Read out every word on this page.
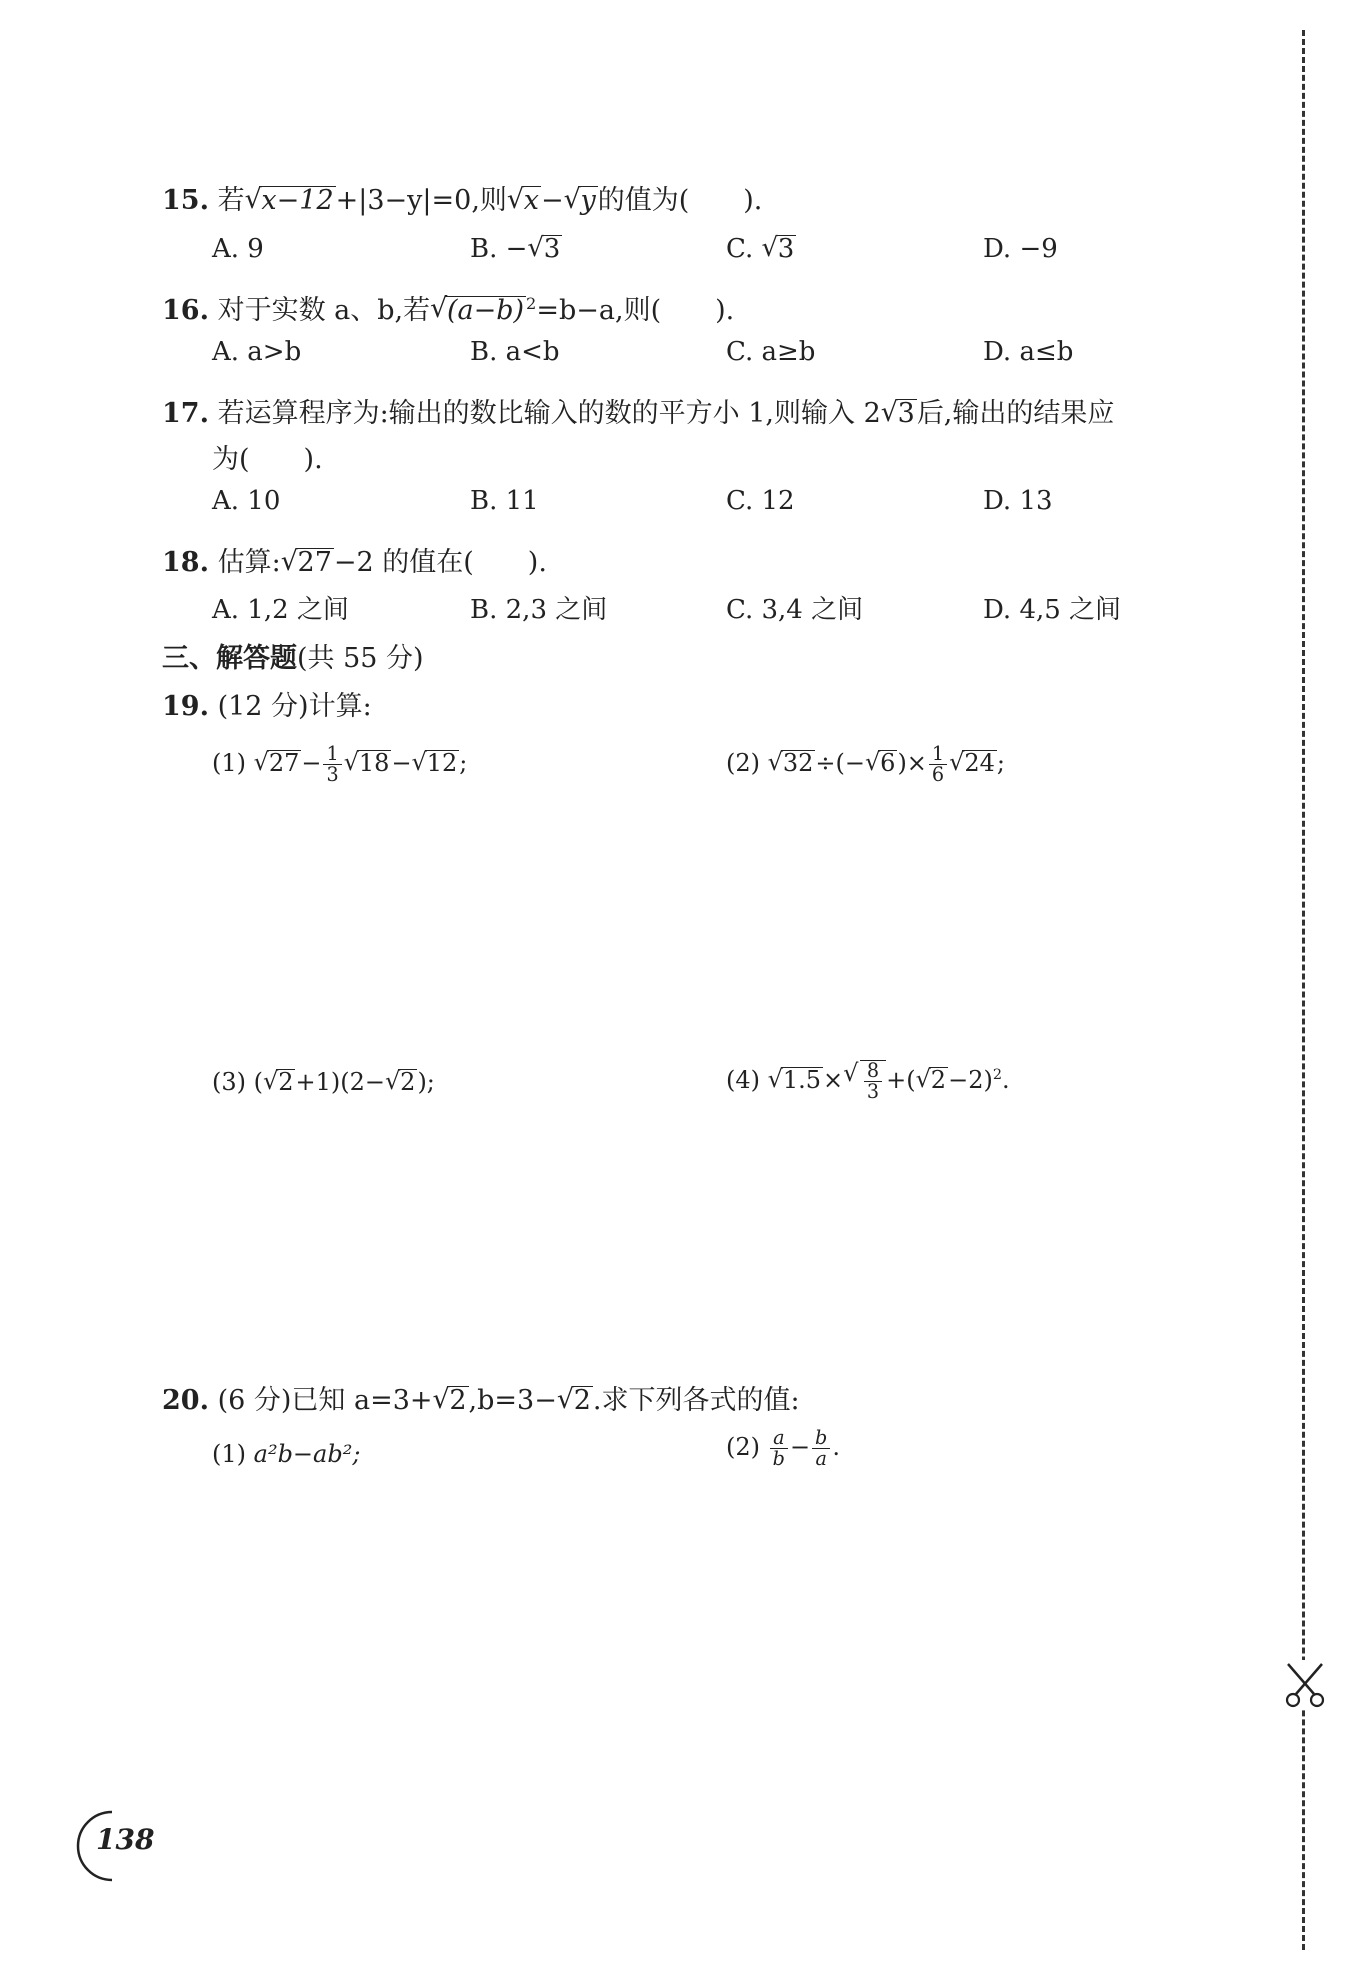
15. 若 √ x−12+|3−y|=0,则 √ x− √ y的值为(　　).
A. 9	B. − √ 3	C. √ 3	D. −9
16. 对于实数 a、b,若 √ (a−b) $^2$=b−a,则(　　).
A. a>b	B. a<b	C. a≥b	D. a≤b
17. 若运算程序为:输出的数比输入的数的平方小 1,则输入 2 √ 3后,输出的结果应
为(　　).
A. 10	B. 11	C. 12	D. 13
18. 估算: √ 27−2 的值在(　　).
A. 1,2 之间	B. 2,3 之间	C. 3,4 之间	D. 4,5 之间
三、解答题(共 55 分)
19. (12 分)计算:
(1) √ $27- \frac{1}{3}$ √ 18− √ 12;	(2) √ 32÷(− √ $6)\times \frac{1}{6}$ √ 24;
(3) ( √ 2+1)(2− √ 2);	(4) √ 1.5× √ $\frac{8}{3}$ +( √ 2−2)$^2$.
20. (6 分)已知 a=3+ √ 2,b=3− √ 2.求下列各式的值:
(1) a²b−ab²;	$(2) \frac{a}{b} - \frac{b}{a}$ .
138
